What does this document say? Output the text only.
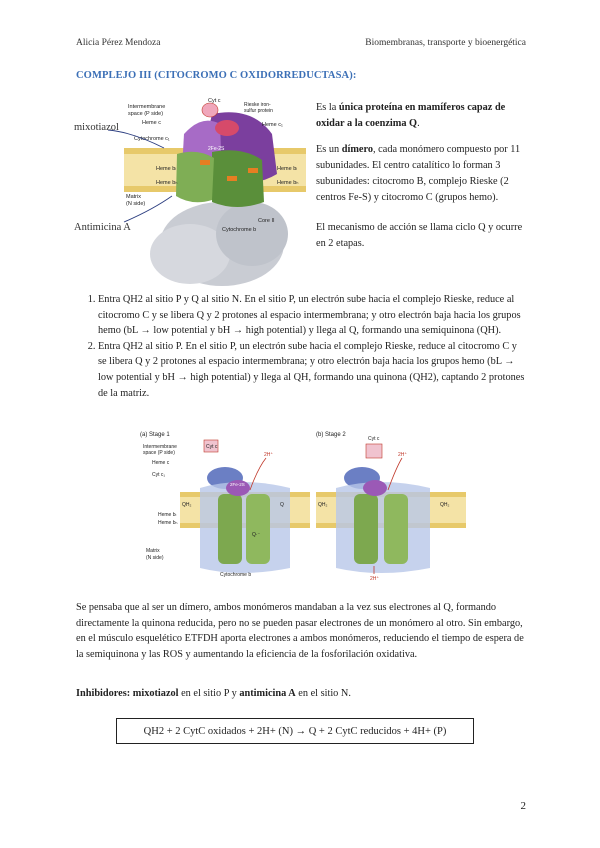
Alicia Pérez Mendoza	Biomembranas, transporte y bioenergética
COMPLEJO III (CITOCROMO C OXIDORREDUCTASA):
Intermembrane
space (P side)
Heme c
Cyt c
Rieske iron-
sulfur protein
Heme c₁
Cytochrome c₁
2Fe-2S
Heme bₗ
Heme bₕ
Heme bₗ
Heme bₕ
Matrix
(N side)
Cytochrome b
Core II
mixotiazol
Antimicina A
Es la única proteína en mamíferos capaz de oxidar a la coenzima Q.
Es un dímero, cada monómero compuesto por 11 subunidades. El centro catalítico lo forman 3 subunidades: citocromo B, complejo Rieske (2 centros Fe-S) y citocromo C (grupos hemo).
El mecanismo de acción se llama ciclo Q y ocurre en 2 etapas.
1. Entra QH2 al sitio P y Q al sitio N. En el sitio P, un electrón sube hacia el complejo Rieske, reduce al citocromo C y se libera Q y 2 protones al espacio intermembrana; y otro electrón baja hacia los grupos hemo (bL → low potential y bH → high potential) y llega al Q, formando una semiquinona (QH).
2. Entra QH2 al sitio P. En el sitio P, un electrón sube hacia el complejo Rieske, reduce al citocromo C y se libera Q y 2 protones al espacio intermembrana; y otro electrón baja hacia los grupos hemo (bL → low potential y bH → high potential) y llega al QH, formando una quinona (QH2), captando 2 protones de la matriz.
(a) Stage 1
Intermembrane
space (P side)
Heme c
Cyt c₁
Cyt c
2Fe-2S
QH₂	Q
Heme bₗ
Heme bₕ
Q·⁻
Matrix
(N side)
Cytochrome b
2H⁺
(b) Stage 2
Cyt c
QH₂	QH₂
2H⁺
2H⁺
Se pensaba que al ser un dímero, ambos monómeros mandaban a la vez sus electrones al Q, formando directamente la quinona reducida, pero no se pueden pasar electrones de un monómero al otro. Sin embargo, en el músculo esquelético ETFDH aporta electrones a ambos monómeros, reduciendo el tiempo de espera de la semiquinona y las ROS y aumentando la eficiencia de la fosforilación oxidativa.
Inhibidores: mixotiazol en el sitio P y antimicina A en el sitio N.
QH2 + 2 CytC oxidados + 2H+ (N) → Q + 2 CytC reducidos + 4H+ (P)
2
